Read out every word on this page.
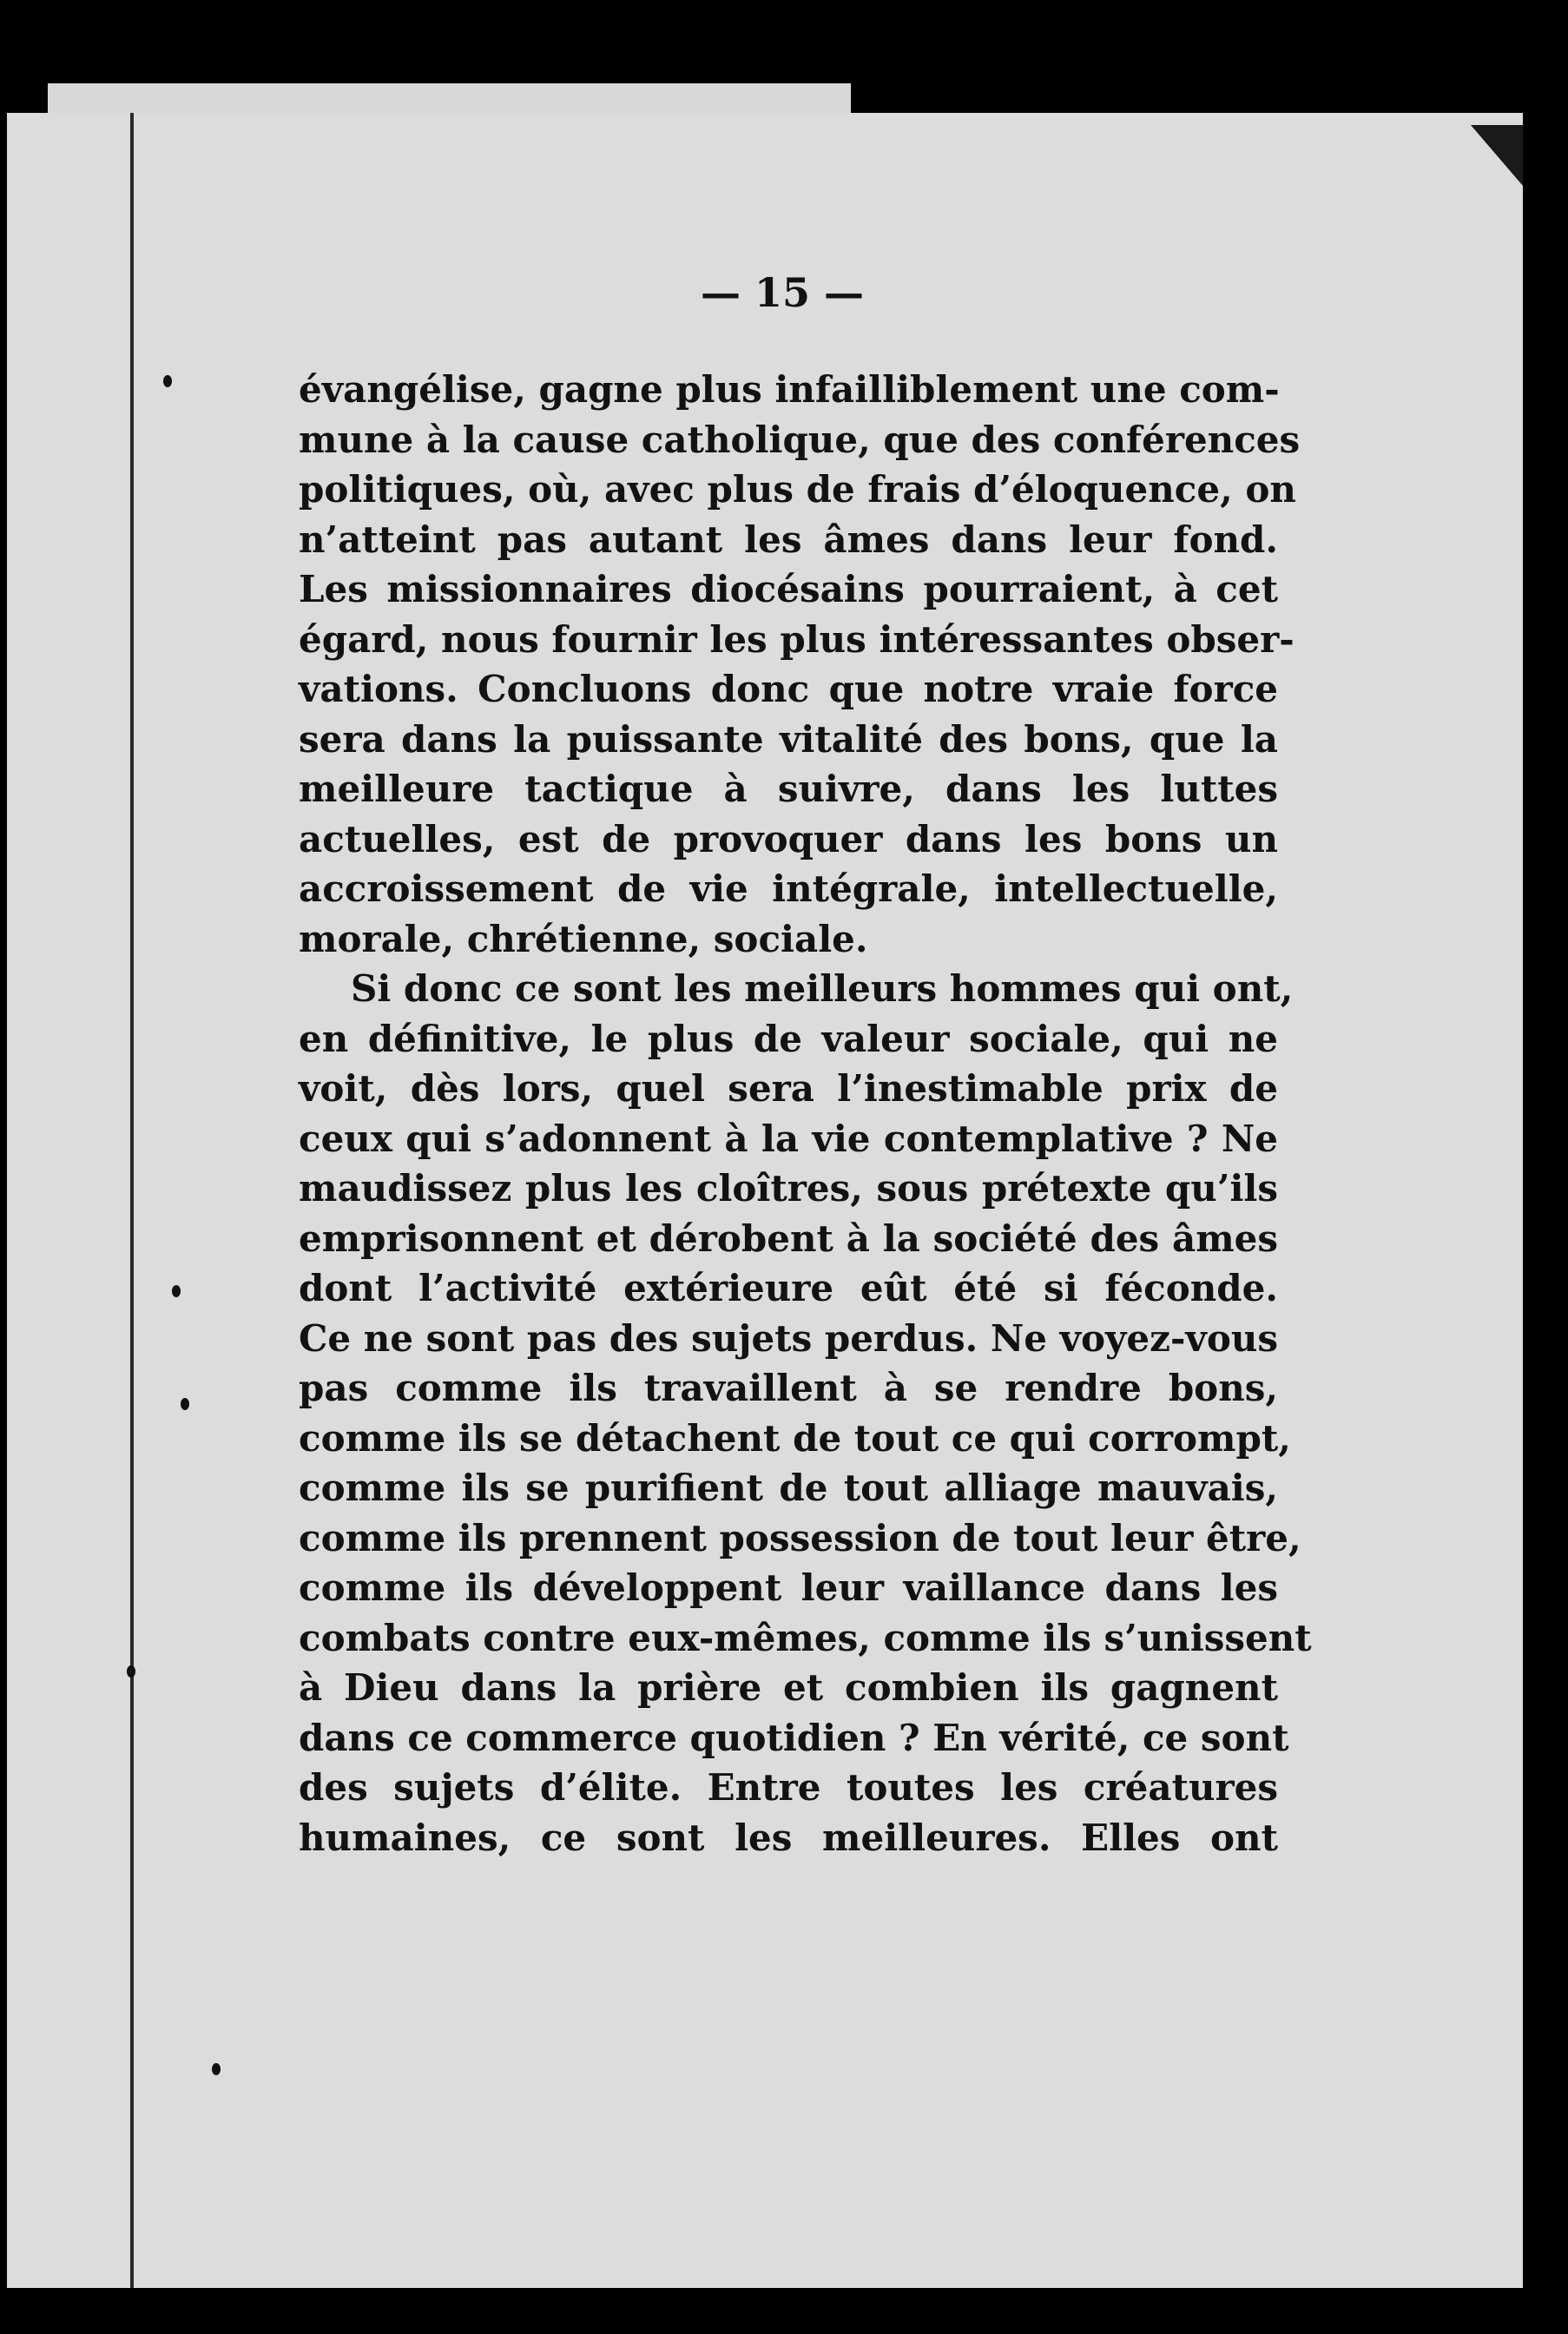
— 15 —
évangélise, gagne plus infailliblement une com-
mune à la cause catholique, que des conférences
politiques, où, avec plus de frais d’éloquence, on
n’atteint pas autant les âmes dans leur fond.
Les missionnaires diocésains pourraient, à cet
égard, nous fournir les plus intéressantes obser-
vations. Concluons donc que notre vraie force
sera dans la puissante vitalité des bons, que la
meilleure tactique à suivre, dans les luttes
actuelles, est de provoquer dans les bons un
accroissement de vie intégrale, intellectuelle,
morale, chrétienne, sociale.
Si donc ce sont les meilleurs hommes qui ont,
en définitive, le plus de valeur sociale, qui ne
voit, dès lors, quel sera l’inestimable prix de
ceux qui s’adonnent à la vie contemplative ? Ne
maudissez plus les cloîtres, sous prétexte qu’ils
emprisonnent et dérobent à la société des âmes
dont l’activité extérieure eût été si féconde.
Ce ne sont pas des sujets perdus. Ne voyez-vous
pas comme ils travaillent à se rendre bons,
comme ils se détachent de tout ce qui corrompt,
comme ils se purifient de tout alliage mauvais,
comme ils prennent possession de tout leur être,
comme ils développent leur vaillance dans les
combats contre eux-mêmes, comme ils s’unissent
à Dieu dans la prière et combien ils gagnent
dans ce commerce quotidien ? En vérité, ce sont
des sujets d’élite. Entre toutes les créatures
humaines, ce sont les meilleures. Elles ont
